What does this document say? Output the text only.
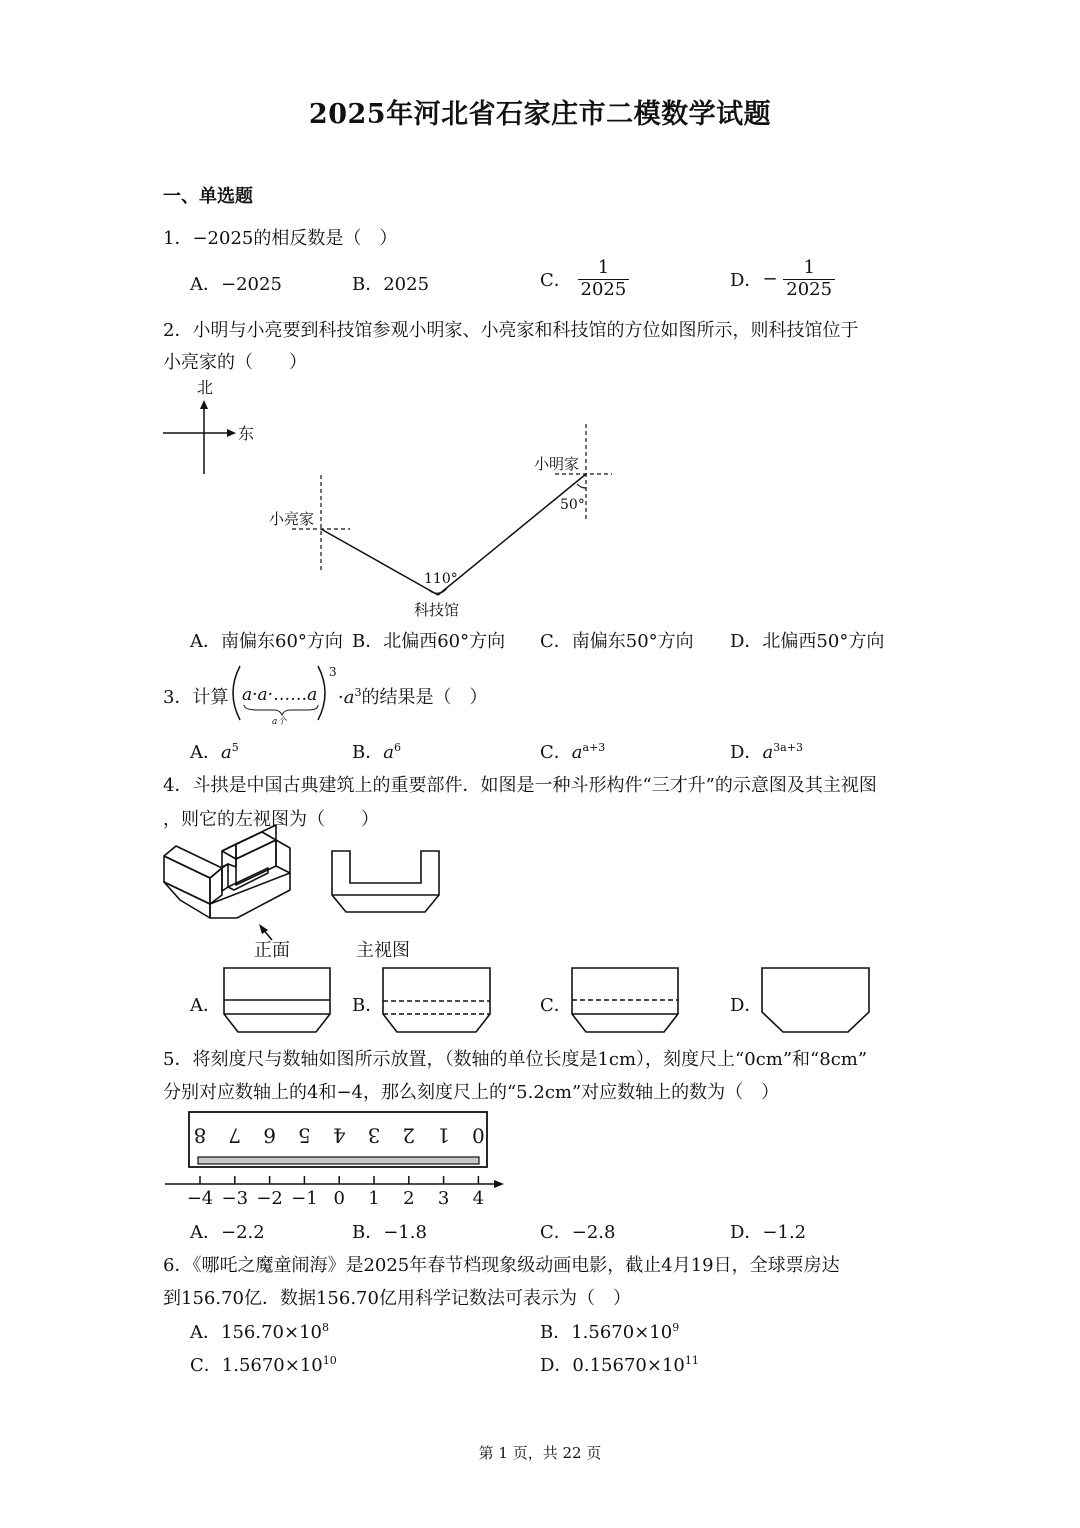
2025年河北省石家庄市二模数学试题
一、单选题
1．−2025的相反数是（　）
A．−2025	B．2025	C． $\frac{1}{2025}$	D．− $\frac{1}{2025}$
2．小明与小亮要到科技馆参观小明家、小亮家和科技馆的方位如图所示，则科技馆位于
小亮家的（　　）
北
东
小亮家
小明家
50°
110°
科技馆
A．南偏东60°方向 B．北偏西60°方向 C．南偏东50°方向 D．北偏西50°方向
3．计算 a·a·……a
a个
3
$\cdot a^3$的结果是（　）
A．$a^5$	B．$a^6$	C．$a^{a+3}$	D．$a^{3a+3}$
4．斗拱是中国古典建筑上的重要部件．如图是一种斗形构件“三才升”的示意图及其主视图
，则它的左视图为（　　）
正面	主视图
A．	B．	C．	D．
5．将刻度尺与数轴如图所示放置，（数轴的单位长度是1cm），刻度尺上“0cm”和“8cm”
分别对应数轴上的4和−4，那么刻度尺上的“5.2cm”对应数轴上的数为（　）
8 7 6 5 4 3 2 1 0
−4 −3 −2 −1 0 1 2 3 4
A．−2.2	B．−1.8	C．−2.8	D．−1.2
6．《哪吒之魔童闹海》是2025年春节档现象级动画电影，截止4月19日，全球票房达
到156.70亿．数据156.70亿用科学记数法可表示为（　）
A．$156.70\times 10^8$	B．$1.5670\times 10^9$
C．$1.5670\times 10^{10}$	D．$0.15670\times 10^{11}$
第 1 页，共 22 页
